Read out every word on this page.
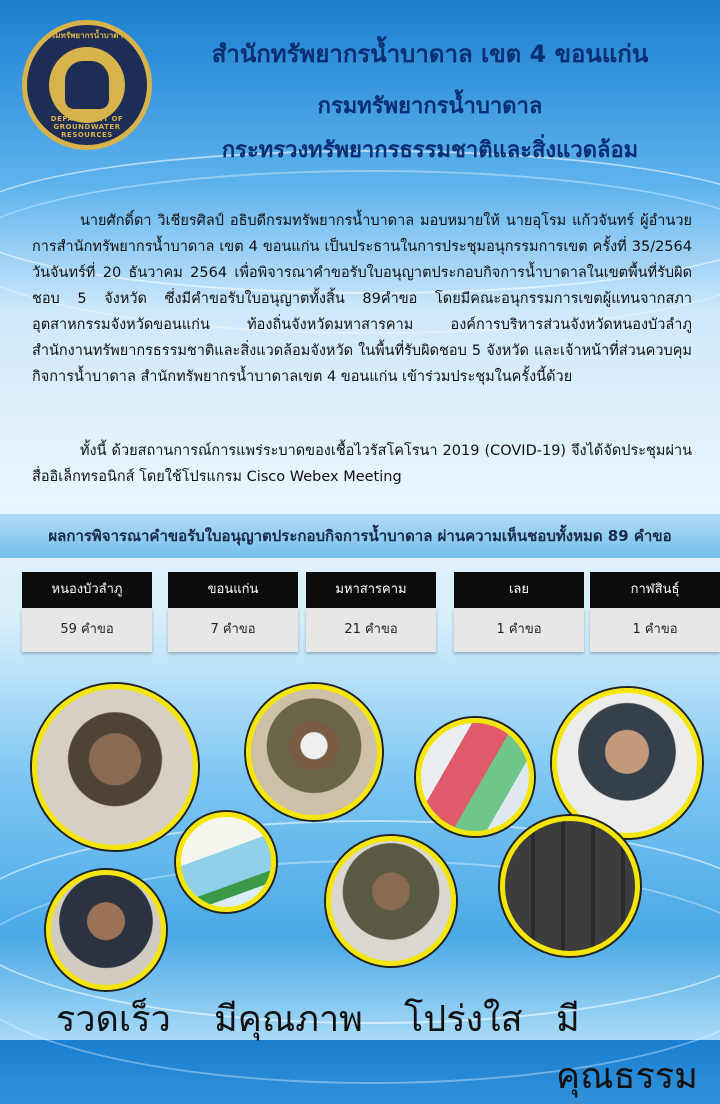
กรมทรัพยากรน้ำบาดาล
DEPARTMENT OF GROUNDWATER RESOURCES
สำนักทรัพยากรน้ำบาดาล เขต 4 ขอนแก่น
กรมทรัพยากรน้ำบาดาล
กระทรวงทรัพยากรธรรมชาติและสิ่งแวดล้อม
นายศักดิ์ดา วิเชียรศิลป์ อธิบดีกรมทรัพยากรน้ำบาดาล มอบหมายให้ นายอุโรม แก้วจันทร์ ผู้อำนวยการสำนักทรัพยากรน้ำบาดาล เขต 4 ขอนแก่น เป็นประธานในการประชุมอนุกรรมการเขต ครั้งที่ 35/2564 วันจันทร์ที่ 20 ธันวาคม 2564 เพื่อพิจารณาคำขอรับใบอนุญาตประกอบกิจการน้ำบาดาลในเขตพื้นที่รับผิดชอบ 5 จังหวัด ซึ่งมีคำขอรับใบอนุญาตทั้งสิ้น 89คำขอ โดยมีคณะอนุกรรมการเขตผู้แทนจากสภาอุตสาหกรรมจังหวัดขอนแก่น ท้องถิ่นจังหวัดมหาสารคาม องค์การบริหารส่วนจังหวัดหนองบัวลำภู สำนักงานทรัพยากรธรรมชาติและสิ่งแวดล้อมจังหวัด ในพื้นที่รับผิดชอบ 5 จังหวัด และเจ้าหน้าที่ส่วนควบคุมกิจการน้ำบาดาล สำนักทรัพยากรน้ำบาดาลเขต 4 ขอนแก่น เข้าร่วมประชุมในครั้งนี้ด้วย
ทั้งนี้ ด้วยสถานการณ์การแพร่ระบาดของเชื้อไวรัสโคโรนา 2019 (COVID-19) จึงได้จัดประชุมผ่านสื่ออิเล็กทรอนิกส์ โดยใช้โปรแกรม Cisco Webex Meeting
ผลการพิจารณาคำขอรับใบอนุญาตประกอบกิจการน้ำบาดาล ผ่านความเห็นชอบทั้งหมด 89 คำขอ
หนองบัวลำภู
59 คำขอ
ขอนแก่น
7 คำขอ
มหาสารคาม
21 คำขอ
เลย
1 คำขอ
กาฬสินธุ์
1 คำขอ
รวดเร็ว มีคุณภาพ โปร่งใส มีคุณธรรม
